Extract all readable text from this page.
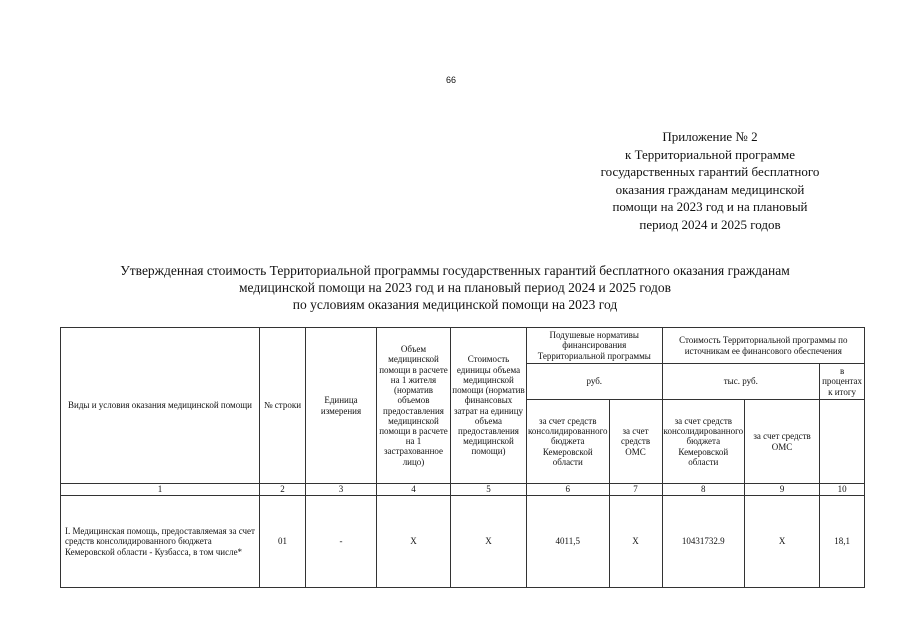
66
Приложение № 2
к Территориальной программе
государственных гарантий бесплатного
оказания гражданам медицинской
помощи на 2023 год и на плановый
период 2024 и 2025 годов
Утвержденная стоимость Территориальной программы государственных гарантий бесплатного оказания гражданам
медицинской помощи на 2023 год и на плановый период 2024 и 2025 годов
по условиям оказания медицинской помощи на 2023 год
Виды и условия оказания медицинской помощи	№ строки	Единица измерения	Объем медицинской помощи в расчете на 1 жителя (норматив объемов предоставления медицинской помощи в расчете на 1 застрахованное лицо)	Стоимость единицы объема медицинской помощи (норматив финансовых затрат на единицу объема предоставления медицинской помощи)	Подушевые нормативы финансирования Территориальной программы		Стоимость Территориальной программы по источникам ее финансового обеспечения		
					руб.		тыс. руб.		в процентах к итогу
					за счет средств консолидированного бюджета Кемеровской области	за счет средств ОМС	за счет средств консолидированного бюджета Кемеровской области	за счет средств ОМС	
1	2	3	4	5	6	7	8	9	10
I. Медицинская помощь, предоставляемая за счет средств консолидированного бюджета Кемеровской области - Кузбасса, в том числе*	01	-	X	X	4011,5	X	10431732.9	X	18,1
